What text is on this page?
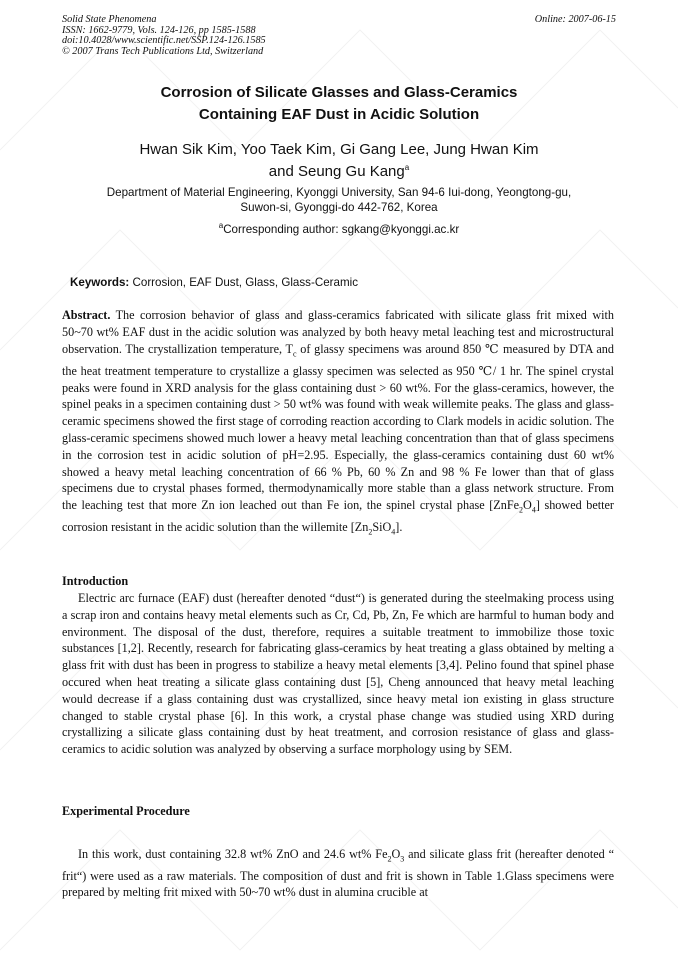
Solid State Phenomena
ISSN: 1662-9779, Vols. 124-126, pp 1585-1588
doi:10.4028/www.scientific.net/SSP.124-126.1585
© 2007 Trans Tech Publications Ltd, Switzerland
Online: 2007-06-15
Corrosion of Silicate Glasses and Glass-Ceramics
Containing EAF Dust in Acidic Solution
Hwan Sik Kim, Yoo Taek Kim, Gi Gang Lee, Jung Hwan Kim
and Seung Gu Kang$^a$
Department of Material Engineering, Kyonggi University, San 94-6 Iui-dong, Yeongtong-gu,
Suwon-si, Gyonggi-do 442-762, Korea
$^a$Corresponding author: sgkang@kyonggi.ac.kr
Keywords: Corrosion, EAF Dust, Glass, Glass-Ceramic
Abstract. The corrosion behavior of glass and glass-ceramics fabricated with silicate glass frit mixed with 50~70 wt% EAF dust in the acidic solution was analyzed by both heavy metal leaching test and microstructural observation. The crystallization temperature, $T_c$ of glassy specimens was around 850 ℃ measured by DTA and the heat treatment temperature to crystallize a glassy specimen was selected as 950 ℃/ 1 hr. The spinel crystal peaks were found in XRD analysis for the glass containing dust > 60 wt%. For the glass-ceramics, however, the spinel peaks in a specimen containing dust > 50 wt% was found with weak willemite peaks. The glass and glass-ceramic specimens showed the first stage of corroding reaction according to Clark models in acidic solution. The glass-ceramic specimens showed much lower a heavy metal leaching concentration than that of glass specimens in the corrosion test in acidic solution of pH=2.95. Especially, the glass-ceramics containing dust 60 wt% showed a heavy metal leaching concentration of 66 % Pb, 60 % Zn and 98 % Fe lower than that of glass specimens due to crystal phases formed, thermodynamically more stable than a glass network structure. From the leaching test that more Zn ion leached out than Fe ion, the spinel crystal phase $[ZnFe_2O_4]$ showed better corrosion resistant in the acidic solution than the willemite $[Zn_2SiO_4]$.
Introduction
Electric arc furnace (EAF) dust (hereafter denoted “dust“) is generated during the steelmaking process using a scrap iron and contains heavy metal elements such as Cr, Cd, Pb, Zn, Fe which are harmful to human body and environment. The disposal of the dust, therefore, requires a suitable treatment to immobilize those toxic substances [1,2]. Recently, research for fabricating glass-ceramics by heat treating a glass obtained by melting a glass frit with dust has been in progress to stabilize a heavy metal elements [3,4]. Pelino found that spinel phase occured when heat treating a silicate glass containing dust [5], Cheng announced that heavy metal leaching would decrease if a glass containing dust was crystallized, since heavy metal ion existing in glass structure changed to stable crystal phase [6]. In this work, a crystal phase change was studied using XRD during crystallizing a silicate glass containing dust by heat treatment, and corrosion resistance of glass and glass-ceramics to acidic solution was analyzed by observing a surface morphology using by SEM.
Experimental Procedure
In this work, dust containing 32.8 wt% ZnO and 24.6 wt% $Fe_2O_3$ and silicate glass frit (hereafter denoted “ frit“) were used as a raw materials. The composition of dust and frit is shown in Table 1.Glass specimens were prepared by melting frit mixed with 50~70 wt% dust in alumina crucible at
